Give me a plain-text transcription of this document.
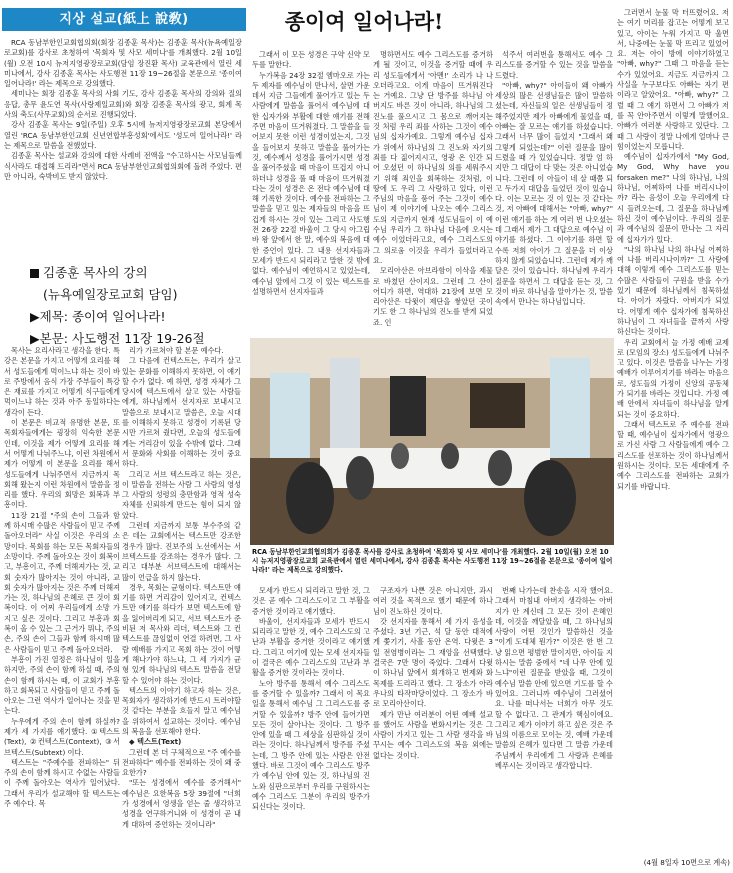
지상 설교(紙上 說敎)	종이여 일어나라!

RCA 동남부한인교회협의회(회장 김종훈 목사)는 김종훈 목사(뉴욕예일장로교회)를 강사로 초청하여 '목회자 및 사모 세미나'를 개최했다. 2월 10일(월) 오전 10시 뉴저지영광장로교회(담임 장진환 목사) 교육관에서 열린 세미나에서, 강사 김종훈 목사는 사도행전 11장 19~26절을 본문으로 '종이여 일어나라!' 라는 제목으로 강의했다.

세미나는 회장 김종훈 목사의 사회 기도, 강사 김종훈 목사의 강의와 질의 응답, 총무 윤도연 목사(사랑제일교회)와 회장 김종훈 목사의 광고, 회계 목사의 축도(사무교회)의 순서로 진행되었다.

강사 김종훈 목사는 9일(주일) 오후 5시에 뉴저지영광장로교회 본당에서 열린 'RCA 동남부한인교회 신년연합부흥성회'에서도 '성도여 일어나라!' 라는 제목으로 말씀을 전했었다.

김종훈 목사는 설교와 강의에 대한 사례비 전액을 "수고하시는 사모님들께 식사라도 대접해 드리라"면서 RCA 동남부한인교회협의회에 돌려 주었다. 편만 아니라, 숙박비도 받지 않았다.

김종훈 목사의 강의
(뉴욕예일장로교회 담임)
▶제목: 종이여 일어나라!
▶본문: 사도행전 11장 19-26절

목사는 요리사라고 생각을 한다. 특강은 본문을 가지고 어떻게 요리를 해서 성도들에게 먹이느냐 하는 것이 바로 주방에서 음식 가장 주부들이 특강은 재료를 가지고 어떻게 식구들에게 먹이느냐 하는 것과 아주 동일하다는 생각이 든다.

이 본문은 비교적 유명한 본문, 또 목회자들에게는 굉장히 익숙한 본문인데, 이것을 제가 어떻게 요리를 해서 어떻게 나눠주느냐, 이런 차원에서 제가 어떻게 이 본문을 요리를 해서 성도들에게 나눠주면서 지금까지 목회해 왔는지 이런 차원에서 말씀을 정리를 했다. 우리의 회망은 회복과 부흥이다.

11장 21절 "주의 손이 그들과 함께 하시매 수많은 사람들이 믿고 주께 돌아오더라" 사실 이것은 우리의 소망이다. 목회를 하는 모든 목회자들의 소망이다. 주께 돌아오는 것이 회복이고, 부흥이고, 주께 더해져가는 것, 교회 숫자가 많아지는 것이 아니라, 교회 숫자가 많아지는 것은 주께 더해져가는 것, 하나님의 은혜로 큰 것이 회복이다. 이 어찌 우리들에게 소망 가지고 싶은 것이다. 그리고 부흥과 회복이 올 수 있는 그 근거가 뭐냐, 주의 손, 주의 손이 그들과 함께 하시매 많은 사람들이 믿고 주께 돌아오더라.

부흥이 가진 열정은 하나님이 일을 하지만, 주의 손이 함께 하실 때, 주의 손이 함께 하시는 때, 이 교회가 부흥하고 회복되고 사람들이 믿고 주께 돌아오는 그런 역사가 일어나는 것을 믿는다.

누우에게 주의 손이 함께 하실까? 제가 세 가지를 얘기했다. ①텍스트(Text), ②컨텍스트(Context), ③서브텍스트(Subtext) 이다.

텍스트는 "주예수를 전파하는" 뒤 주의 손이 함께 하시고 수없는 사람들이 주께 돌아오는 역사가 일어났다. 그래서 우리가 설교해야 할 텍스트는 주 예수다. 목

리가 가르쳐야 할 본문 예수다.

그 다음에 컨텍스트는, 우리가 살고 있는 문화를 이해하지 못하면, 이 얘기할 수가 없다. 예 하면, 성경 자체가 그 당시에 텍스트에서 살고 있는 사람들에게, 하나님께서 선지자로 보내시고 말씀으로 보내시고 말씀은, 오늘 시대를 이해하지 못하고 성경이 기록된 당시만 가르쳐 줬다면, 오늘의 성도들에게는 거리감이 있을 수밖에 없다. 그래서 문화와 사회를 이해하는 것이 중요하다.

그리고 서브 텍스트라고 하는 것은, 이 말씀을 전하는 사람 그 사람의 영성 그 사람의 성령의 충만함과 영적 성숙 자체를 신뢰하게 만드는 힘이 되지 않았다.

그런데 지금까지 보통 부수주의 같은 데는 교회에서는 텍스트만 강조한 경우가 많다. 진보주의 노선에서는 서브텍스트를 강조하는 경우가 많다. 그리고 대부분 서브텍스트에 대해서는 많이 언급을 하지 않는다.

경우, 목회는 균형이다. 텍스트만 얘기를 하면 거리감이 있어지고, 컨텍스트만 얘기를 하다가 보면 텍스트에 함을 잃어버리게 되고, 서브 텍스트가 준비된 저 목사와 리더, 텍스트와 그 컨텍스트를 끊임없이 연결 하려면, 그 사람 예배를 가지고 목회 하는 것이 어떻게 해나가야 하느냐, 그 세 가지가 균형 있게 하나님의 텍스트 말씀을 전달할 수 있어야 하는 것이다.

텍스트의 이야기 하고자 하는 것은, 목회자가 생각하기에 반드시 트러야할 것 같다는 부분을 흐들지 말고 예수님을 위하여서 설교하는 것이다. 예수님의 복음을 선포해야 한다.

◆ 텍스트(Text)

그런데 본 더 구체적으로 "주 예수를 전파하다" 예수를 전파하는 것이 왜 중요한가?

"또는 성경에서 예수를 증거해서" 예수님은 요한복음 5장 39절에 "너희가 성경에서 영생을 얻는 줄 생각하고 성경을 연구하거니와 이 성경이 곧 내게 대하여 증언하는 것이니라"

그래서 이 모든 성경은 구약 신약 모두를 말한다.

누가복음 24장 32절 엠마오로 가는 두 제자를 예수님이 만나서, 살면 가운데서 지금 그들에게 풀어가고 있는 두 사람에게 말씀을 풀어서 예수님에 대한 십자가와 부활에 대한 얘기를 전해주면 마음이 뜨거워졌다. 그 말씀을 들어보지 못한 이런 성경이었는지, 그것을 들어보지 못하고 말씀을 풀어가는 것, 예수께서 성경을 풀어가시면 성경을 풀어주셨을 때 마음이 뜨겁지 아니하더냐 성경을 풀 때 마음이 뜨거워졌다는 것이 성경은 온 전다 예수님에 대해 기록한 것이다. 예수를 전파하는 그 말씀을 믿고 있는 제자들의 마음을 뜨겁게 하시는 것이 있는 그리고 사도행전 26장 22절 바울이 그 당시 아그립바 왕 앞에서 한 말, 예수의 복음에 대한 증언이 있다. 그 내용 선지자들과 모세가 반드시 되리라고 말한 것 밖에 없다. 예수님이 예언하시고 있었는데, 예수님 앞에서 그것 이 있는 텍스트를 설명하면서 선지자들과

명하면서도 예수 그리스도를 증거하게 될 것이고, 이것을 증거할 때에 우리 성도들에게서 '아멘!' 소리가 나 나오더라고요. 이게 마음이 뜨거워진다는 거예요. 그냥 단 방주를 하나님 아버지도 바른 것이 아니라, 하나님의 그 진노를 풀으시고 그 몸으로 깨어지는 것 처럼 우리 죄를 사하는 그것이 예수님의 십자가예요. 그렇게 예수님 십자가 위에서 하나님의 그 진노와 자기의 죄를 다 짊어지시고, 영광 온 인간 되어 오셨던 이 하나님의 의를 세워주시기 위해 죄인을 회복하는 것처럼, 이 땅에 도 우리 그 사랑하고 있다, 이런 주님의 마음을 품어 주는 그것이 예수님이 제 이야기에 나오는 예수 그리스도의 지금까지 현재 성도님들이 이 예수님 우리가 그 하나님 다음에 오시는 예수 이었더라고요, 예수 그리스도의 그 의로움 이것을 우리가 들었더라고요.

모리아산은 아브라함이 이삭을 제물로 바쳤던 산이지요. 그런데 그 산이 어디가 하면, 역대하 21장에 보면 모리아산은 다윗이 제단을 쌓았던 곳이기도 한 그 하나님의 진노를 받게 되었죠. 인

석주서 여러번을 통해서도 예수 그리스도를 증거할 수 있는 것을 말씀을 드렸다.

"아빠, why?" 아이들이 왜 아빠가 세상의 많은 선생님들은 많이 말씀하셨는데, 자신들의 일은 선생님들이 정해주었지만 제가 아빠에게 물었을 때, 아빠는 잘 모르는 얘기를 하셨습니다. 그래서 너무 많이 들었지 "그래서 왜 그렇게 되었는데?" 이런 질문을 많이 드렸을 때 가 있었습니다. 정말 엄 하지만 그 대답이 다 맞는 것은 아니었습니다. 그런데 이 아들이 네 살 때쯤 되고 두가지 대답을 들었던 것이 있습니다. 이는 모르는 것 이 있는 것 같다는 것, 저 아빠에 대해서는 "아빠, why?" 이런 얘기를 하는 게 여러 번 나오셨는데 그래서 제가 그 대답으로 예수님 이야기를 하셨다. 그 이야기를 하면 할 수록 저희 아이가 그 질문을 더 이상 하지 않게 되었습니다. 그런데 제가 깨달은 것이 있습니다. 하나님께 우리가 질문을 하면서 그 대답을 듣는 것, 그것이 바로 하나님을 알아가는 것, 말씀 속에서 만나는 하나님입니다.

RCA 동남부한인교회협의회가 김종훈 목사를 강사로 초청하여 '목회자 및 사모 세미나'를 개최했다. 2월 10일(월) 오전 10시 뉴저지영광장로교회 교육관에서 열린 세미나에서, 강사 김종훈 목사는 사도행전 11장 19~26절을 본문으로 '종이여 일어나라!' 라는 제목으로 강의했다.

모세가 반드시 되리라고 말한 것, 그것은 곧 예수 그리스도이고 그 부활을 증거한 것이라고 얘기했다.

바울이, 선지자들과 모세가 반드시 되리라고 말한 것, 예수 그리스도의 고난과 부활을 증거한 것이라고 얘기했다. 그리고 여기에 있는 모세 선지자들이 결국은 예수 그리스도의 고난과 부활을 증거한 것이라는 것이다.

노아 방주를 통해서 예수 그리스도를 증거할 수 있을까? 그래서 이 목요일을 통해서 예수님 그 그리스도를 증거할 수 있을까? 방주 안에 들어가면 모든 것이 살아나는 것이다. 그 방주 안에 있을 때 그 세상을 심판하실 것이라는 것이다. 하나님께서 방주를 주셨는데, 그 방주 안에 있는 사람은 안전했다. 바로 그것이 예수 그리스도 방주가 예수님 안에 있는 것, 하나님의 진노와 심판으로부터 우리를 구원하시는 예수 그리스도 그분이 우리의 방주가 되신다는 것이다.

구조자가 나쁜 것은 아니지만, 과시 여러 것을 목적으로 했기 때문에 하나님이 진노하신 것이다.

갓 선지자를 통해서 세 가지 음성을 주셨다. 3년 기근, 석 달 동안 대적에게 쫓기기, 사흘 동안 온역. 다윗은 3일 전염병이라는 그 재앙을 선택했다. 결국은 7만 명이 죽었다. 그래서 다윗이 하나님 앞에서 회개하고 번제와 화목제를 드리라고 했다. 그 장소가 아라우나의 타작마당이었다. 그 장소가 바로 모리아산이다.

제가 만난 여러분이 어떤 예배 설교를 했어도 사람을 변화시키는 것은 그 사람이 가지고 있는 그 사람 생각을 바꾸시는 예수 그리스도의 복음 외에는 없다는 것이다.

번째 나가는데 찬송을 시작 했어요. 그래서 마침내 아버지 생각하는 아버지가 안 계신데 그 모든 것이 은혜인데, 이것을 깨달았을 때, 그 하나님의 사랑이 어떤 것인가 말씀하신 것을 "이게 도대체 뭔가?" 이것은 한 번 그냥 읽으면 평범한 말이지만, 아이들 지 하시는 말씀 중에서 "네 나무 안에 있느냐"이런 질문을 받았을 때, 그것이 예수님 말씀 안에 있으면 기도를 할 수 있어요. 그러니까 예수님이 그러셨어요. 나를 떠나서는 너희가 아무 것도 할 수 없다고. 그 관계가 핵심이에요. 그리고 제가 이야기 하고 싶은 것은 주님의 이름으로 모이는 것, 예배 가운데 말씀의 은혜가 있다면 그 말씀 가운데 주님께서 우리에게 그 사랑과 은혜를 베푸시는 것이라고 생각합니다.

그러면서 눈물 막 터뜨렸어요. 저는 여기 머리를 잡고는 어떻게 보고 있고, 아이는 누워 가지고 막 울면서, 나중에는 눈물 막 뜨리고 있었어요. 저는 아이 방에 이야기하였고 "아빠, why?" 그때 그 마음을 듣는 수가 있었어요. 지금도 지금까지 그 사실을 누구보다도 아빠는 자기 편이라고 알았어요. "아빠, why?" 그럴 때 그 얘기 하면서 그 아빠가 저를 꼭 안아주면서 이렇게 말했어요. 아빠가 여러분 사랑하고 있단다. 그때 그 사랑이 정말 나에게 얼마나 큰 힘이었는지 모릅니다.

예수님이 십자가에서 "My God, My God, Why have you forsaken me?" 나의 하나님, 나의 하나님, 어찌하여 나를 버리시나이까? 라는 음성이 오늘 우리에게 다시 들려오는데, 그 질문을 하나님께 하신 것이 예수님이다. 우리의 질문과 예수님의 질문이 만나는 그 자리에 십자가가 있다.

"나의 하나님 나의 하나님 어찌하여 나를 버리시나이까?" 그 사랑에 대해 이렇게 예수 그리스도를 믿는 수많은 사람들이 구원을 받을 수가 있기 때문에 하나님께서 침묵하셨다. 아이가 자랐다. 아버지가 되었다. 어떻게 예수 십자가에 침묵하신 하나님이 그 자녀들을 끝까지 사랑하신다는 것이다.

우리 교회에서 늘 가정 예배 교제로 (모임의 장소) 성도들에게 나눠주고 있다. 이것은 말씀을 나누는 가정 예배가 이루어지기를 바라는 마음으로, 성도들의 가정이 신앙의 공동체가 되기를 바라는 것입니다. 가정 예배 안에서 자녀들이 하나님을 알게 되는 것이 중요하다.

그래서 텍스트로 주 예수를 전파할 때, 예수님이 십자가에서 영광으로 가신 사람 그 사람들에게 예수 그리스도를 선포하는 것이 하나님께서 원하시는 것이다. 모든 세대에게 주 예수 그리스도를 전파하는 교회가 되기를 바랍니다.

(4월 8일자 10면으로 계속)
